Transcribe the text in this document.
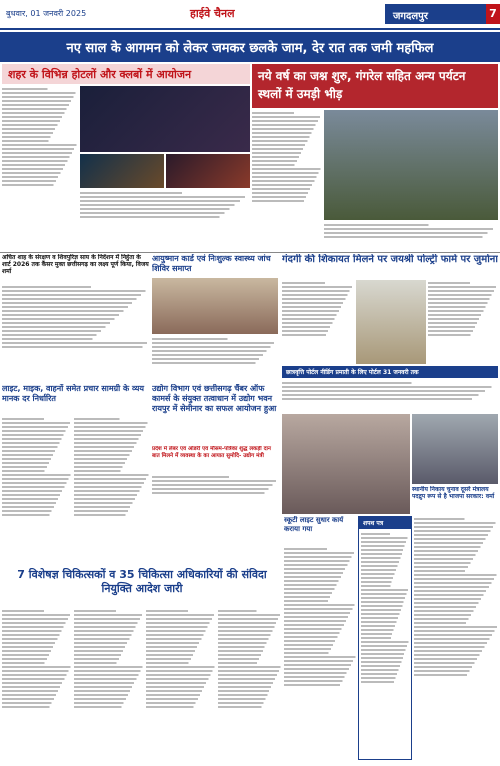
बुधवार, 01 जनवरी 2025	हाईवे चैनल	जगदलपुर	7
नए साल के आगमन को लेकर जमकर छलके जाम, देर रात तक जमी महफिल
शहर के विभिन्न होटलों और क्लबों में आयोजन	नये वर्ष का जश्न शुरु, गंगरेल सहित अन्य पर्यटन स्थलों में उमड़ी भीड़
अचित शाह के संरक्षण व शिवपुरिज्ञ साय के निर्देशन में निर्हुता के शार्ट 2026 तक कैंसर मुक्त छत्तीसगढ़ का लक्ष्य पूर्ण किया, विजय शर्मा
आयुष्मान कार्ड एवं निःशुल्क स्वास्थ्य जांच शिविर समाप्त
गंदगी की शिकायत मिलने पर जयश्री पोल्ट्री फार्म पर जुर्माना
छात्रवृत्ति पोर्टल नीडिंग प्रमाती के लिए पोर्टल 31 जनवरी तक
लाइट, माइक, वाहनों समेत प्रचार सामग्री के व्यय मानक दर निर्धारित
उद्योग विभाग एवं छत्तीसगढ़ चैंबर ऑफ कामर्स के संयुक्त तत्वाधान में उद्योग भवन रायपुर में सेमीनार का सफल आयोजन हुआ
प्रदेश में लेबर एवं ऑडरी एवं मौसम-पत्रिका शुद्ध लकड़ी दान बात मिलने में व्यवस्था के का आयात सुमोदि- उद्योग मंत्री
स्थानीय निकाय चुनाव दूसरे मंत्रालय पदद्रुप रूप से है भाजपा सरकार: वर्मा
7 विशेषज्ञ चिकित्सकों व 35 चिकित्सा अधिकारियों की संविदा नियुक्ति आदेश जारी
स्कूटी लाइट सुधार कार्य कराया गया
शपथ पत्र
